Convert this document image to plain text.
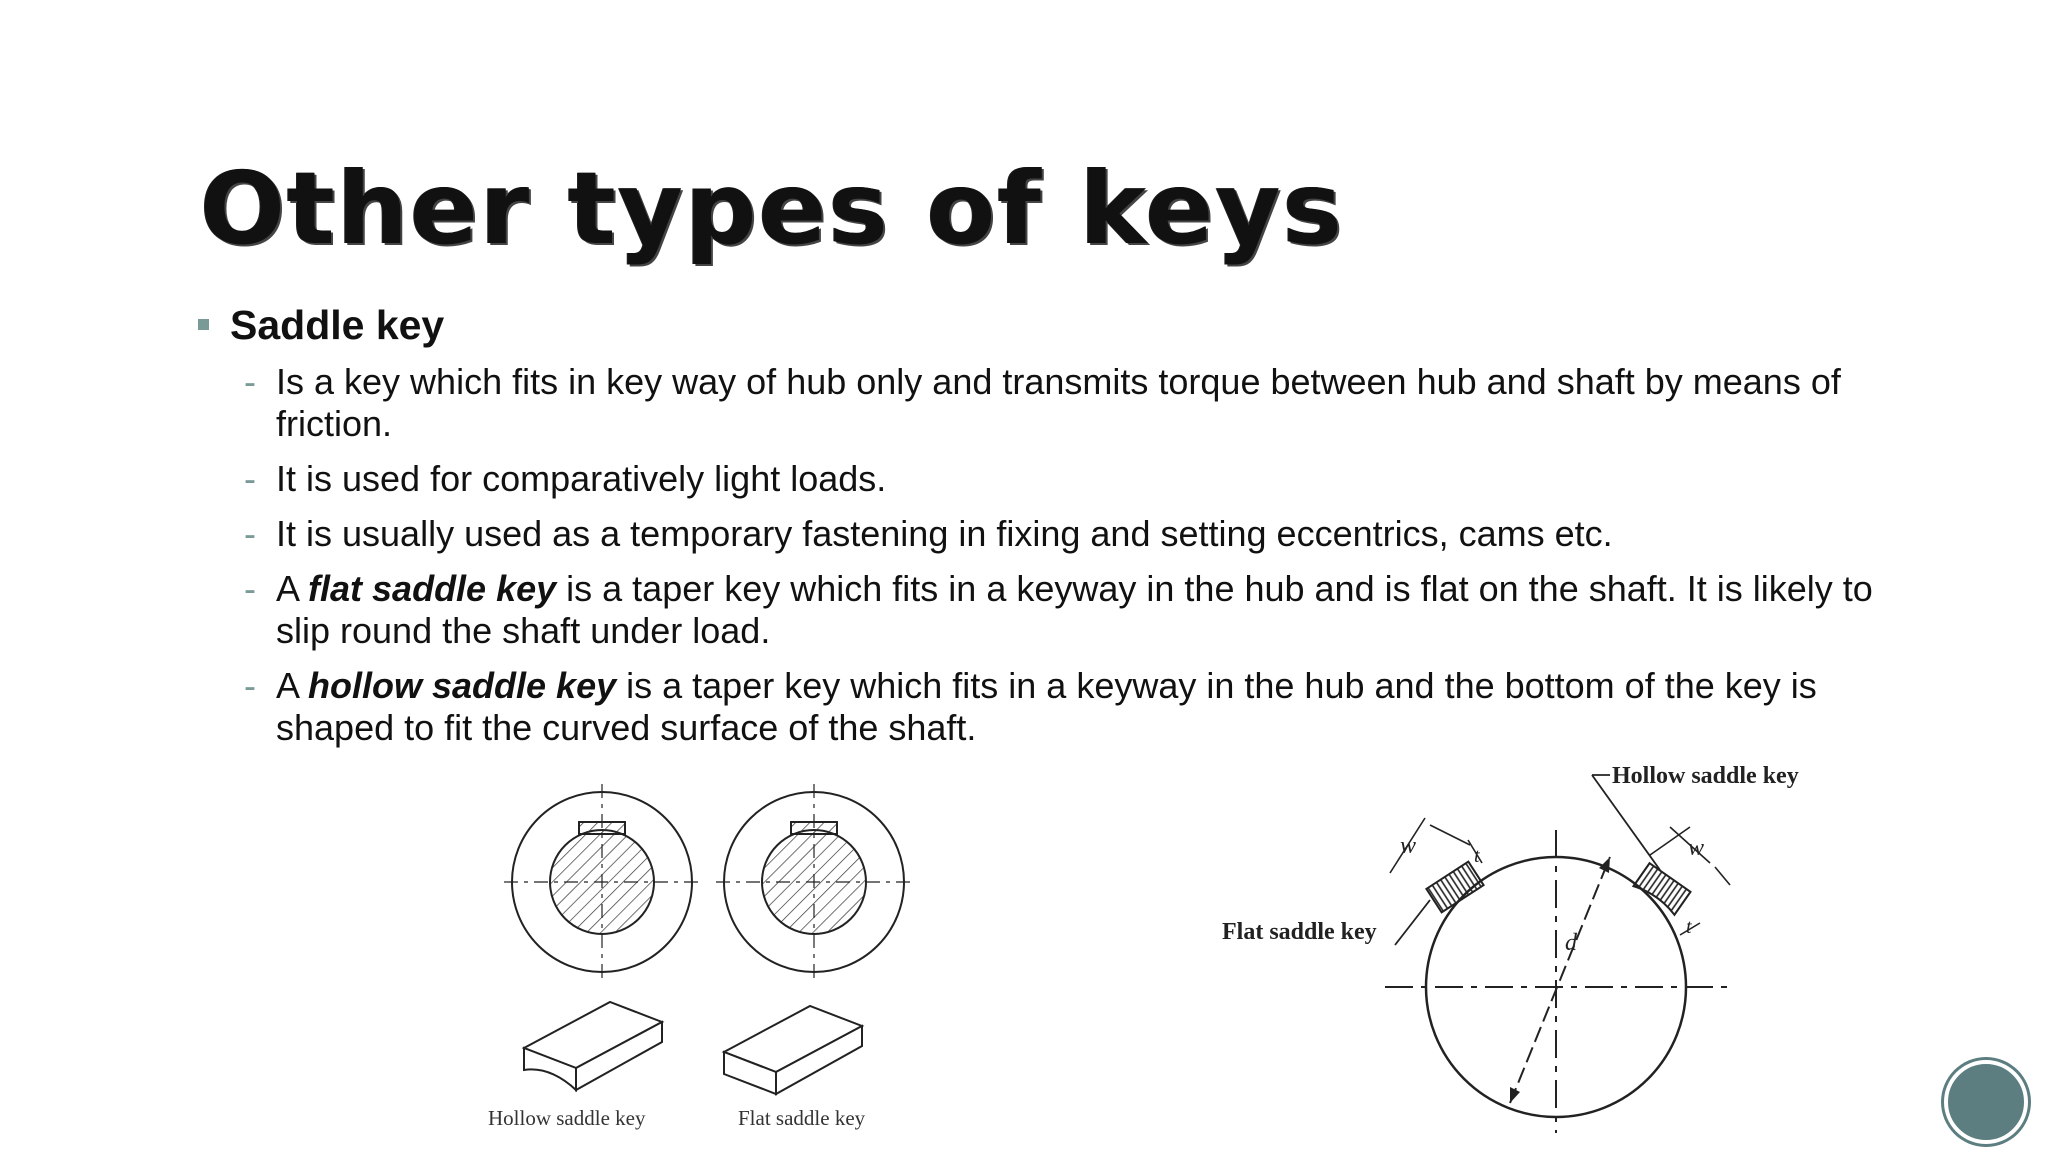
Other types of keys
Saddle key
- Is a key which fits in key way of hub only and transmits torque between hub and shaft by means of friction.
- It is used for comparatively light loads.
- It is usually used as a temporary fastening in fixing and setting eccentrics, cams etc.
- A flat saddle key is a taper key which fits in a keyway in the hub and is flat on the shaft. It is likely to slip round the shaft under load.
- A hollow saddle key is a taper key which fits in a keyway in the hub and the bottom of the key is shaped to fit the curved surface of the shaft.
Hollow saddle key	Flat saddle key
d
w	t	w
t
Hollow saddle key
Flat saddle key
